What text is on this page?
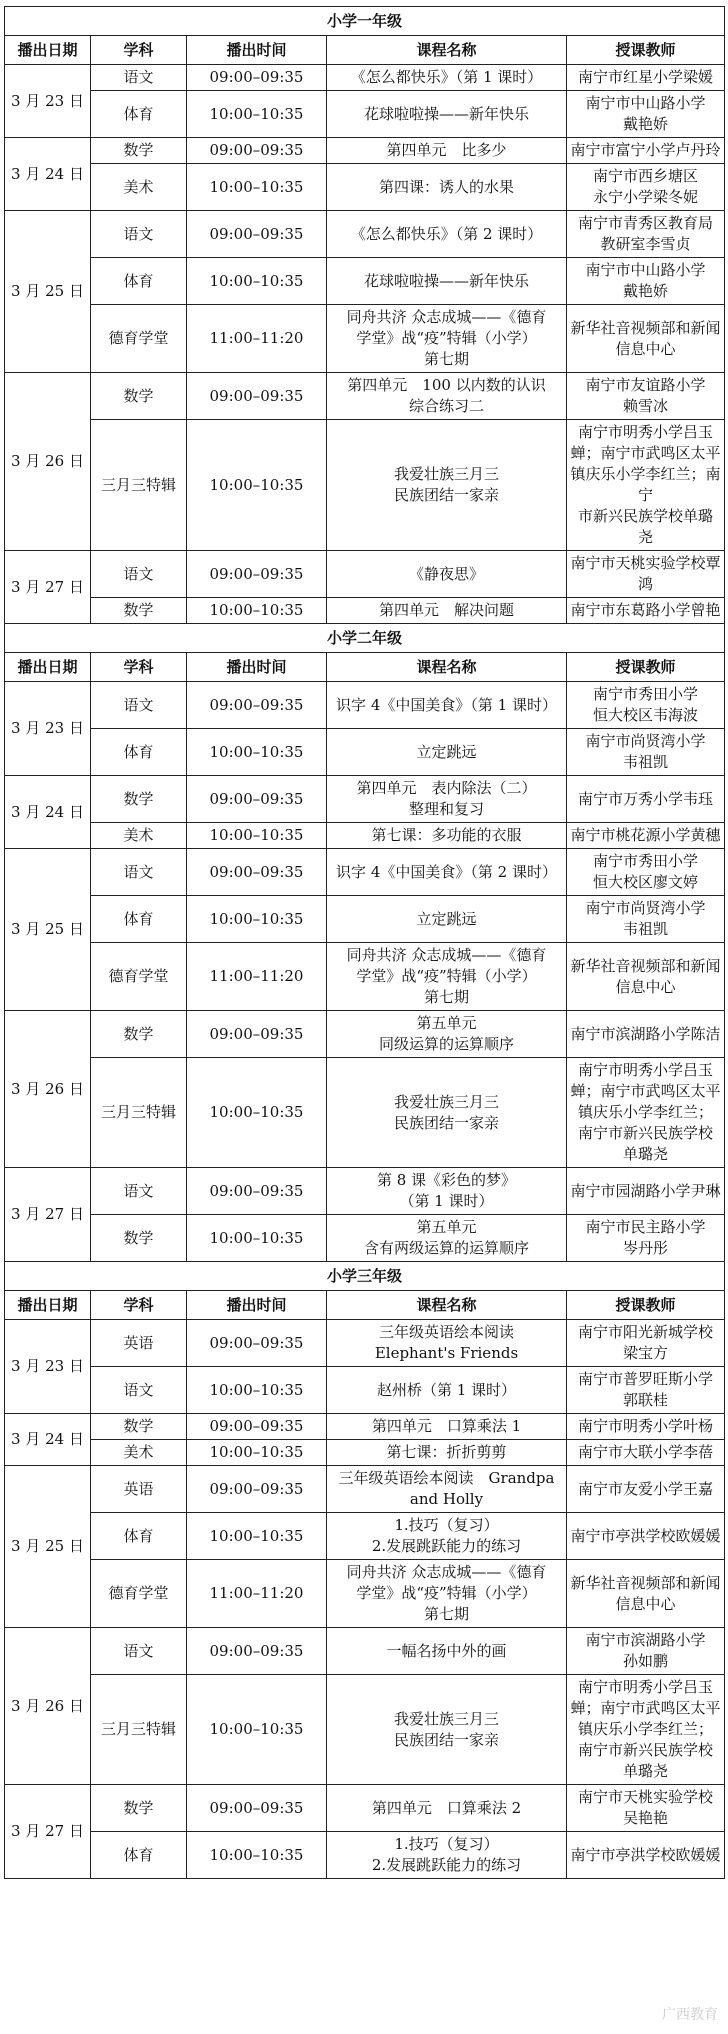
小学一年级				
播出日期	学科	播出时间	课程名称	授课教师
3 月 23 日	语文	09:00–09:35	《怎么都快乐》（第 1 课时）	南宁市红星小学梁媛
	体育	10:00–10:35	花球啦啦操——新年快乐	南宁市中山路小学
戴艳娇
3 月 24 日	数学	09:00–09:35	第四单元　比多少	南宁市富宁小学卢丹玲
	美术	10:00–10:35	第四课：诱人的水果	南宁市西乡塘区
永宁小学梁冬妮
3 月 25 日	语文	09:00–09:35	《怎么都快乐》（第 2 课时）	南宁市青秀区教育局
教研室李雪贞
	体育	10:00–10:35	花球啦啦操——新年快乐	南宁市中山路小学
戴艳娇
	德育学堂	11:00–11:20	同舟共济 众志成城——《德育
学堂》战“疫”特辑（小学）
第七期	新华社音视频部和新闻
信息中心
3 月 26 日	数学	09:00–09:35	第四单元　100 以内数的认识
综合练习二	南宁市友谊路小学
赖雪冰
	三月三特辑	10:00–10:35	我爱壮族三月三
民族团结一家亲	南宁市明秀小学吕玉
蝉；南宁市武鸣区太平
镇庆乐小学李红兰；南宁
市新兴民族学校单璐
尧
3 月 27 日	语文	09:00–09:35	《静夜思》	南宁市天桃实验学校覃
鸿
	数学	10:00–10:35	第四单元　解决问题	南宁市东葛路小学曾艳
小学二年级				
播出日期	学科	播出时间	课程名称	授课教师
3 月 23 日	语文	09:00–09:35	识字 4《中国美食》（第 1 课时）	南宁市秀田小学
恒大校区韦海波
	体育	10:00–10:35	立定跳远	南宁市尚贤湾小学
韦祖凯
3 月 24 日	数学	09:00–09:35	第四单元　表内除法（二）
整理和复习	南宁市万秀小学韦珏
	美术	10:00–10:35	第七课：多功能的衣服	南宁市桃花源小学黄穗
3 月 25 日	语文	09:00–09:35	识字 4《中国美食》（第 2 课时）	南宁市秀田小学
恒大校区廖文婷
	体育	10:00–10:35	立定跳远	南宁市尚贤湾小学
韦祖凯
	德育学堂	11:00–11:20	同舟共济 众志成城——《德育
学堂》战“疫”特辑（小学）
第七期	新华社音视频部和新闻
信息中心
3 月 26 日	数学	09:00–09:35	第五单元
同级运算的运算顺序	南宁市滨湖路小学陈洁
	三月三特辑	10:00–10:35	我爱壮族三月三
民族团结一家亲	南宁市明秀小学吕玉
蝉；南宁市武鸣区太平
镇庆乐小学李红兰；
南宁市新兴民族学校
单璐尧
3 月 27 日	语文	09:00–09:35	第 8 课《彩色的梦》
（第 1 课时）	南宁市园湖路小学尹琳
	数学	10:00–10:35	第五单元
含有两级运算的运算顺序	南宁市民主路小学
岑丹彤
小学三年级				
播出日期	学科	播出时间	课程名称	授课教师
3 月 23 日	英语	09:00–09:35	三年级英语绘本阅读
Elephant's Friends	南宁市阳光新城学校
梁宝方
	语文	10:00–10:35	赵州桥（第 1 课时）	南宁市普罗旺斯小学
郭联桂
3 月 24 日	数学	09:00–09:35	第四单元　口算乘法 1	南宁市明秀小学叶杨
	美术	10:00–10:35	第七课：折折剪剪	南宁市大联小学李蓓
3 月 25 日	英语	09:00–09:35	三年级英语绘本阅读　Grandpa
and Holly	南宁市友爱小学王嘉
	体育	10:00–10:35	1.技巧（复习）
2.发展跳跃能力的练习	南宁市亭洪学校欧媛媛
	德育学堂	11:00–11:20	同舟共济 众志成城——《德育
学堂》战“疫”特辑（小学）
第七期	新华社音视频部和新闻
信息中心
3 月 26 日	语文	09:00–09:35	一幅名扬中外的画	南宁市滨湖路小学
孙如鹏
	三月三特辑	10:00–10:35	我爱壮族三月三
民族团结一家亲	南宁市明秀小学吕玉
蝉；南宁市武鸣区太平
镇庆乐小学李红兰；
南宁市新兴民族学校
单璐尧
3 月 27 日	数学	09:00–09:35	第四单元　口算乘法 2	南宁市天桃实验学校
吴艳艳
	体育	10:00–10:35	1.技巧（复习）
2.发展跳跃能力的练习	南宁市亭洪学校欧媛媛
广西教育
